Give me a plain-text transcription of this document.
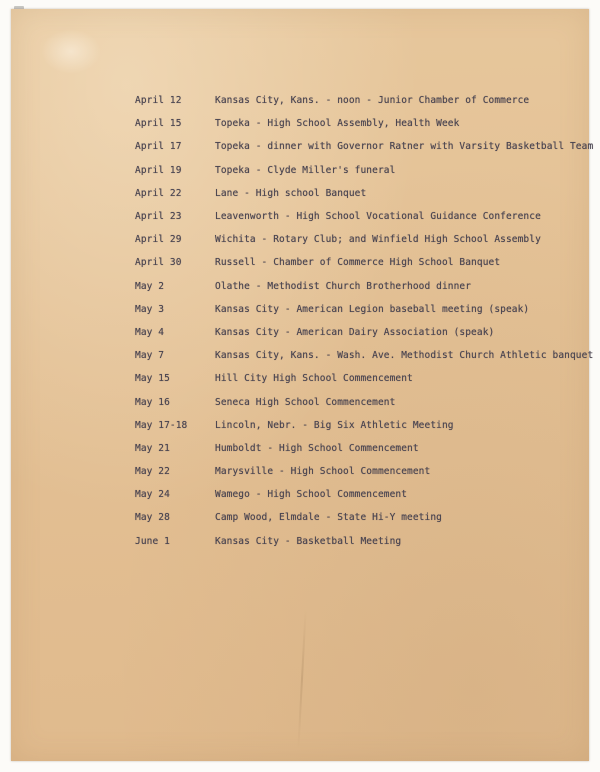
April 12	Kansas City, Kans. - noon - Junior Chamber of Commerce
April 15	Topeka - High School Assembly, Health Week
April 17	Topeka - dinner with Governor Ratner with Varsity Basketball Team
April 19	Topeka - Clyde Miller's funeral
April 22	Lane - High school Banquet
April 23	Leavenworth - High School Vocational Guidance Conference
April 29	Wichita - Rotary Club; and Winfield High School Assembly
April 30	Russell - Chamber of Commerce High School Banquet
May 2	Olathe - Methodist Church Brotherhood dinner
May 3	Kansas City - American Legion baseball meeting (speak)
May 4	Kansas City - American Dairy Association (speak)
May 7	Kansas City, Kans. - Wash. Ave. Methodist Church Athletic banquet
May 15	Hill City High School Commencement
May 16	Seneca High School Commencement
May 17-18	Lincoln, Nebr. - Big Six Athletic Meeting
May 21	Humboldt - High School Commencement
May 22	Marysville - High School Commencement
May 24	Wamego - High School Commencement
May 28	Camp Wood, Elmdale - State Hi-Y meeting
June 1	Kansas City - Basketball Meeting
